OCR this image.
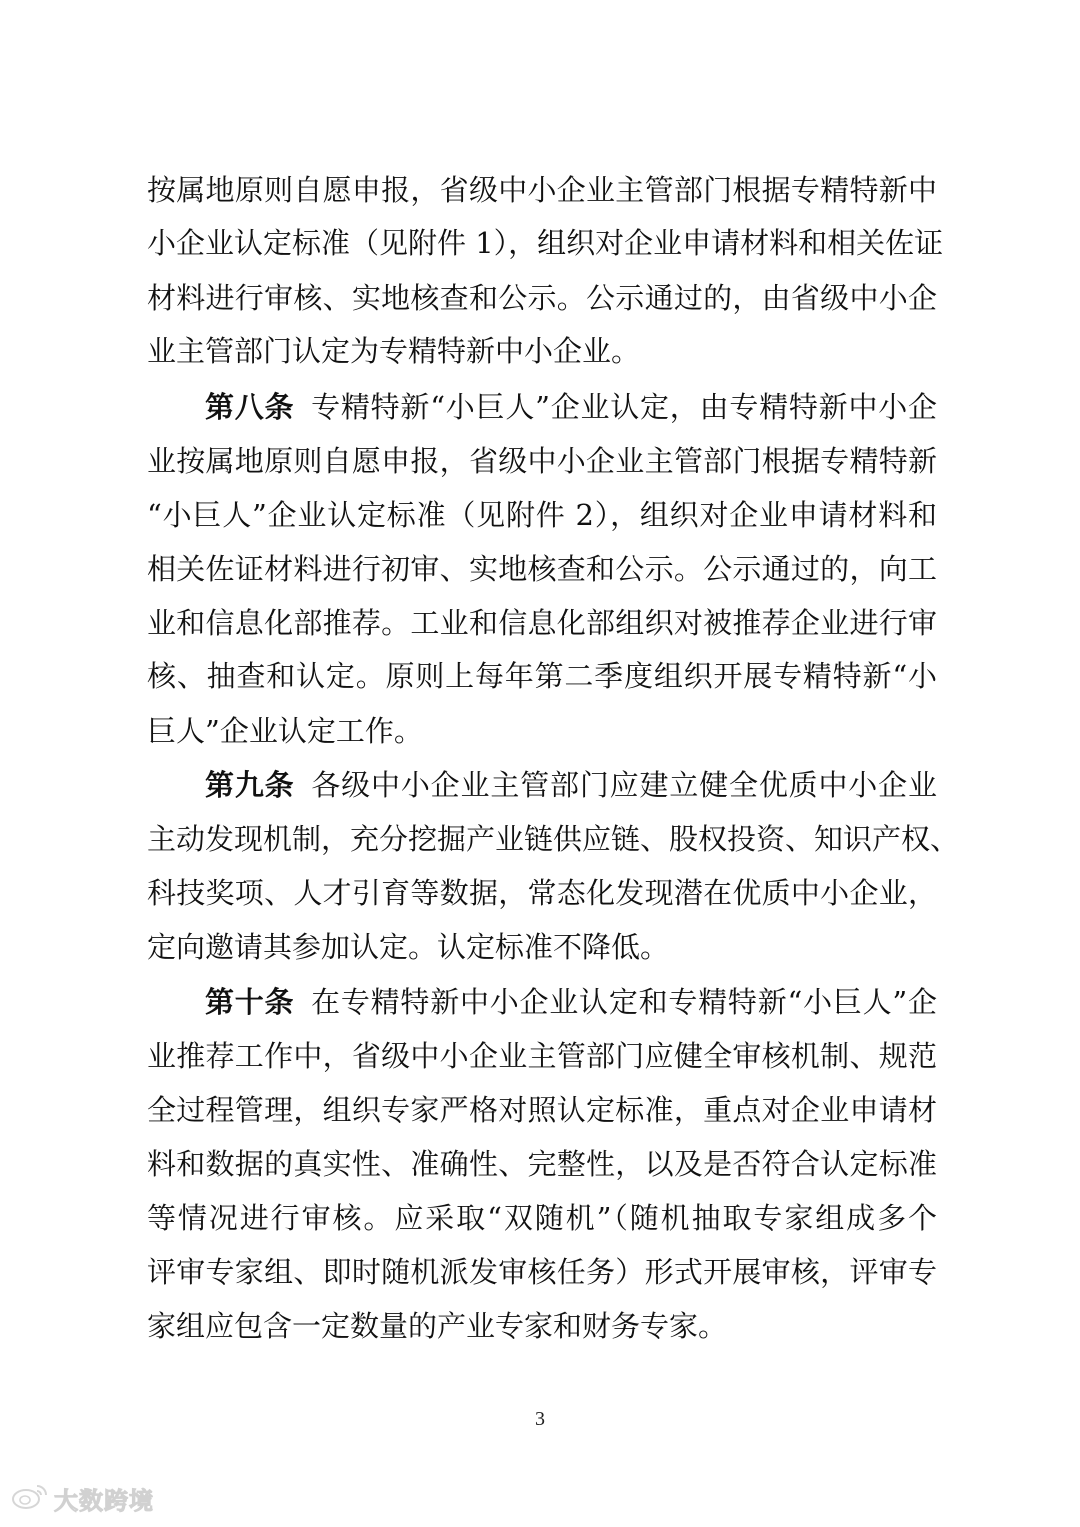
按属地原则自愿申报，省级中小企业主管部门根据专精特新中
小企业认定标准（见附件 1），组织对企业申请材料和相关佐证
材料进行审核、实地核查和公示。公示通过的，由省级中小企
业主管部门认定为专精特新中小企业。
第八条 专精特新“小巨人”企业认定，由专精特新中小企
业按属地原则自愿申报，省级中小企业主管部门根据专精特新
“小巨人”企业认定标准（见附件 2），组织对企业申请材料和
相关佐证材料进行初审、实地核查和公示。公示通过的，向工
业和信息化部推荐。工业和信息化部组织对被推荐企业进行审
核、抽查和认定。原则上每年第二季度组织开展专精特新“小
巨人”企业认定工作。
第九条 各级中小企业主管部门应建立健全优质中小企业
主动发现机制，充分挖掘产业链供应链、股权投资、知识产权、
科技奖项、人才引育等数据，常态化发现潜在优质中小企业，
定向邀请其参加认定。认定标准不降低。
第十条 在专精特新中小企业认定和专精特新“小巨人”企
业推荐工作中，省级中小企业主管部门应健全审核机制、规范
全过程管理，组织专家严格对照认定标准，重点对企业申请材
料和数据的真实性、准确性、完整性，以及是否符合认定标准
等情况进行审核。应采取“双随机”（随机抽取专家组成多个
评审专家组、即时随机派发审核任务）形式开展审核，评审专
家组应包含一定数量的产业专家和财务专家。
3
大数跨境
